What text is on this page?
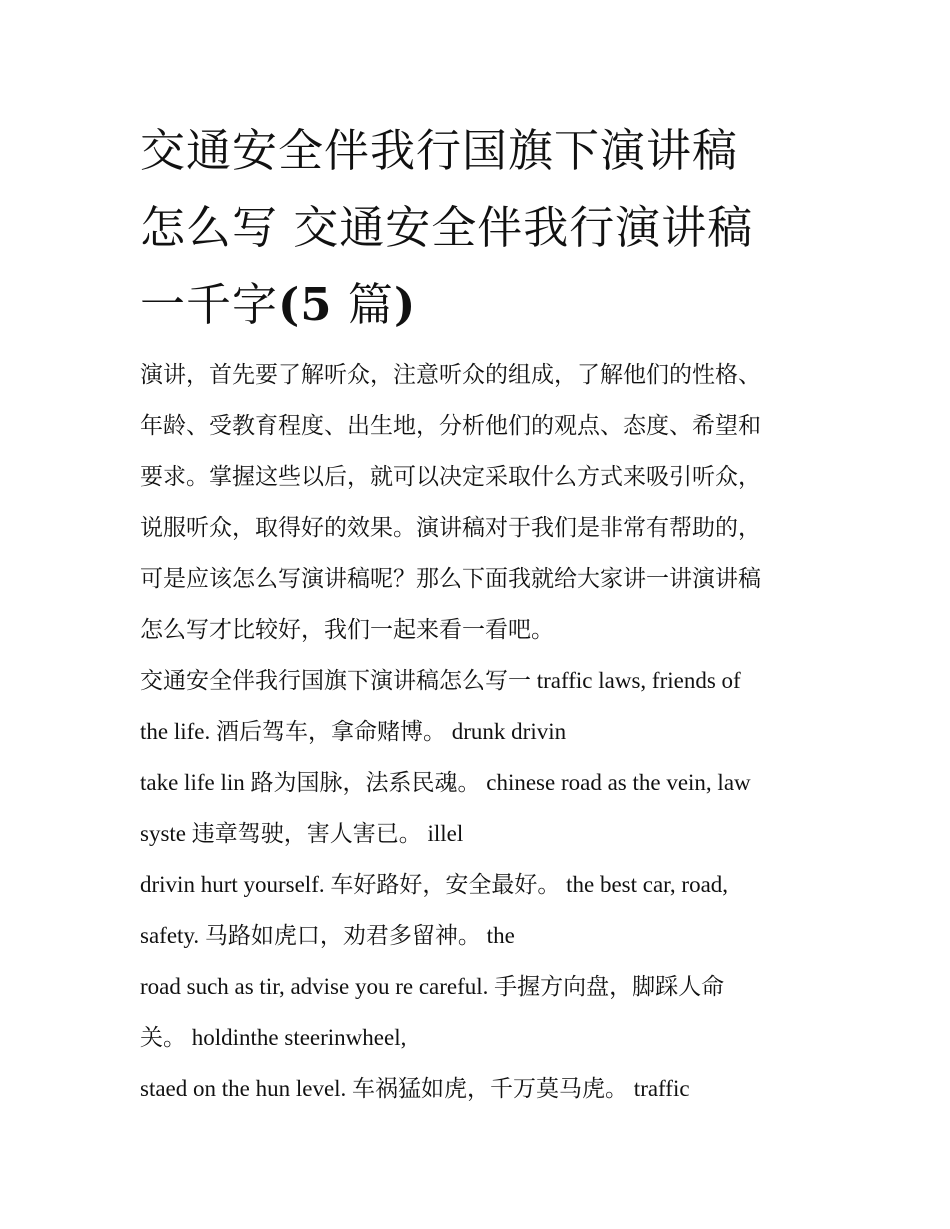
交通安全伴我行国旗下演讲稿
怎么写 交通安全伴我行演讲稿
一千字(5 篇)
演讲，首先要了解听众，注意听众的组成，了解他们的性格、
年龄、受教育程度、出生地，分析他们的观点、态度、希望和
要求。掌握这些以后，就可以决定采取什么方式来吸引听众，
说服听众，取得好的效果。演讲稿对于我们是非常有帮助的，
可是应该怎么写演讲稿呢？那么下面我就给大家讲一讲演讲稿
怎么写才比较好，我们一起来看一看吧。
交通安全伴我行国旗下演讲稿怎么写一 traffic laws, friends of
the life. 酒后驾车，拿命赌博。 drunk drivin
take life lin 路为国脉，法系民魂。 chinese road as the vein, law
syste 违章驾驶，害人害已。 illel
drivin hurt yourself. 车好路好，安全最好。 the best car, road,
safety. 马路如虎口，劝君多留神。 the
road such as tir, advise you re careful. 手握方向盘，脚踩人命
关。 holdinthe steerinwheel,
staed on the hun level. 车祸猛如虎，千万莫马虎。 traffic
